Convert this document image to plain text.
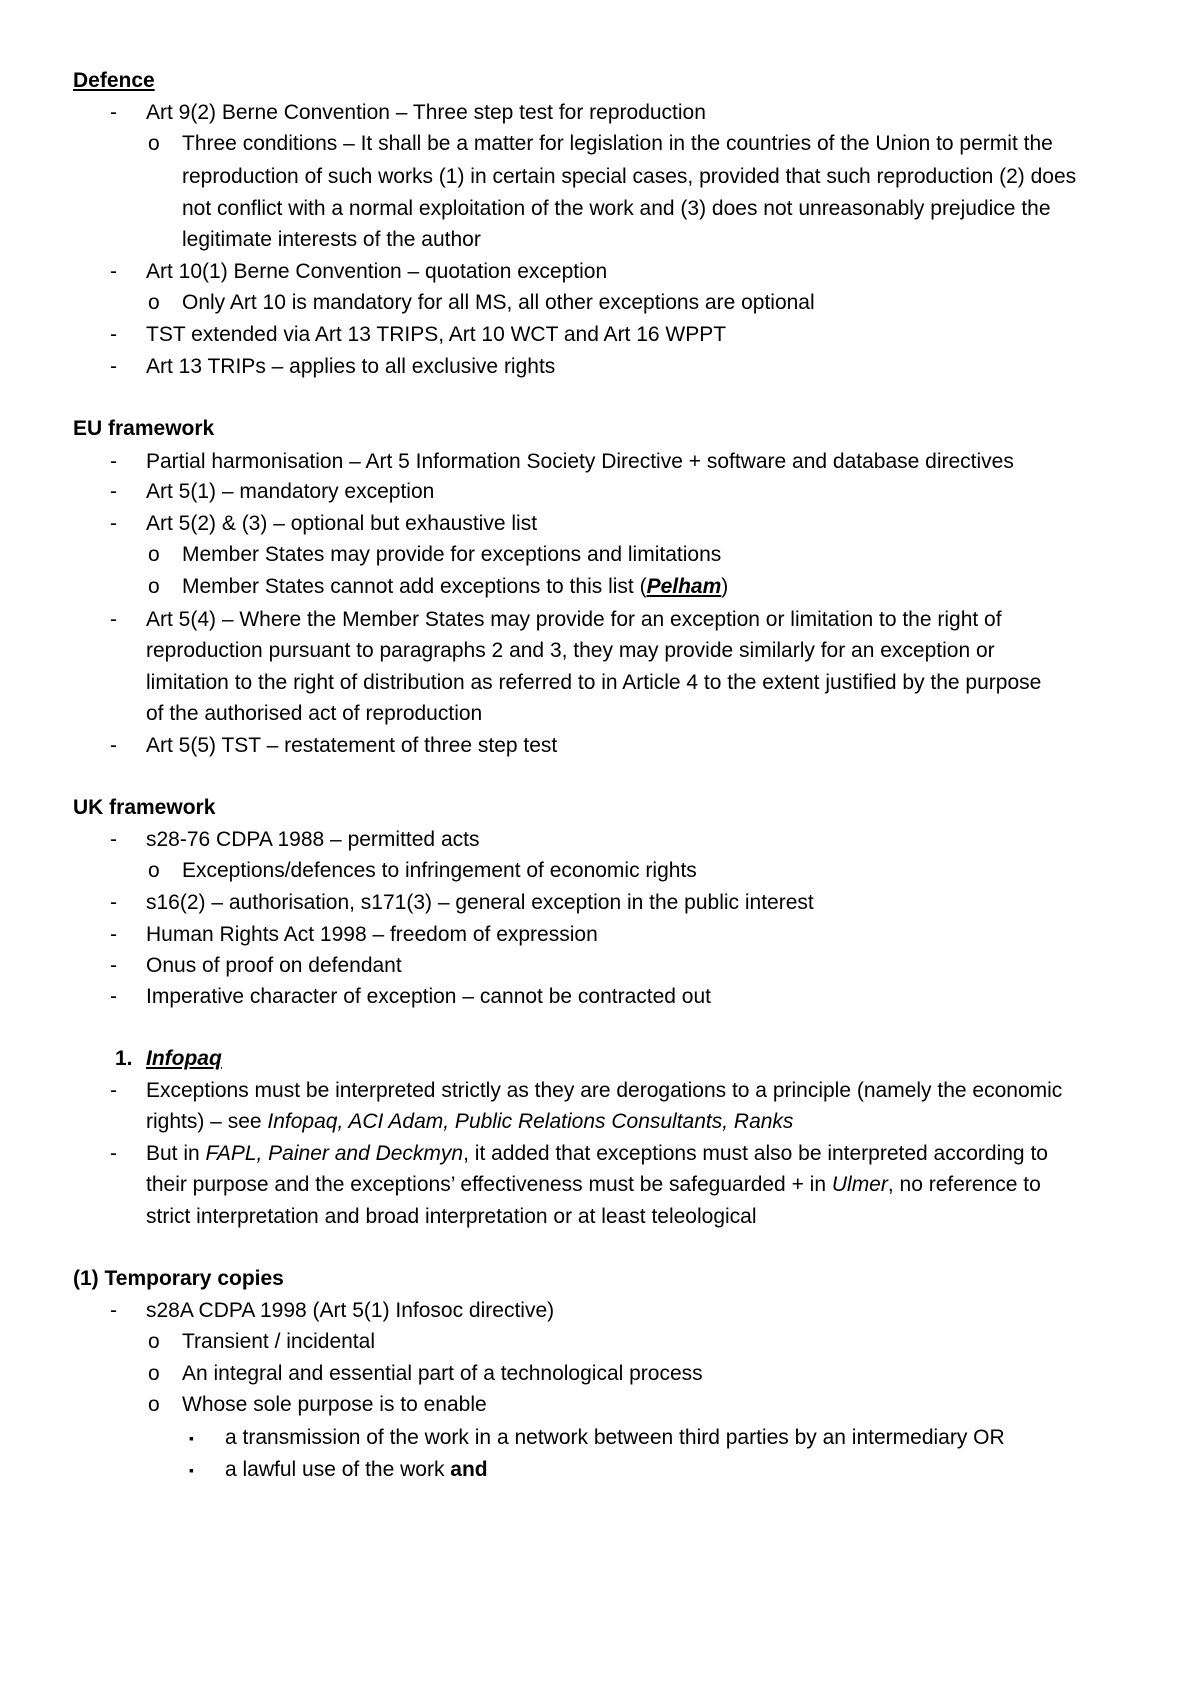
Defence
- Art 9(2) Berne Convention – Three step test for reproduction
o Three conditions – It shall be a matter for legislation in the countries of the Union to permit the
reproduction of such works (1) in certain special cases, provided that such reproduction (2) does
not conflict with a normal exploitation of the work and (3) does not unreasonably prejudice the
legitimate interests of the author
- Art 10(1) Berne Convention – quotation exception
o Only Art 10 is mandatory for all MS, all other exceptions are optional
- TST extended via Art 13 TRIPS, Art 10 WCT and Art 16 WPPT
- Art 13 TRIPs – applies to all exclusive rights
EU framework
- Partial harmonisation – Art 5 Information Society Directive + software and database directives
- Art 5(1) – mandatory exception
- Art 5(2) & (3) – optional but exhaustive list
o Member States may provide for exceptions and limitations
o Member States cannot add exceptions to this list (Pelham)
- Art 5(4) – Where the Member States may provide for an exception or limitation to the right of
reproduction pursuant to paragraphs 2 and 3, they may provide similarly for an exception or
limitation to the right of distribution as referred to in Article 4 to the extent justified by the purpose
of the authorised act of reproduction
- Art 5(5) TST – restatement of three step test
UK framework
- s28-76 CDPA 1988 – permitted acts
o Exceptions/defences to infringement of economic rights
- s16(2) – authorisation, s171(3) – general exception in the public interest
- Human Rights Act 1998 – freedom of expression
- Onus of proof on defendant
- Imperative character of exception – cannot be contracted out
1. Infopaq
- Exceptions must be interpreted strictly as they are derogations to a principle (namely the economic
rights) – see Infopaq, ACI Adam, Public Relations Consultants, Ranks
- But in FAPL, Painer and Deckmyn, it added that exceptions must also be interpreted according to
their purpose and the exceptions’ effectiveness must be safeguarded + in Ulmer, no reference to
strict interpretation and broad interpretation or at least teleological
(1) Temporary copies
- s28A CDPA 1998 (Art 5(1) Infosoc directive)
o Transient / incidental
o An integral and essential part of a technological process
o Whose sole purpose is to enable
▪ a transmission of the work in a network between third parties by an intermediary OR
▪ a lawful use of the work and
